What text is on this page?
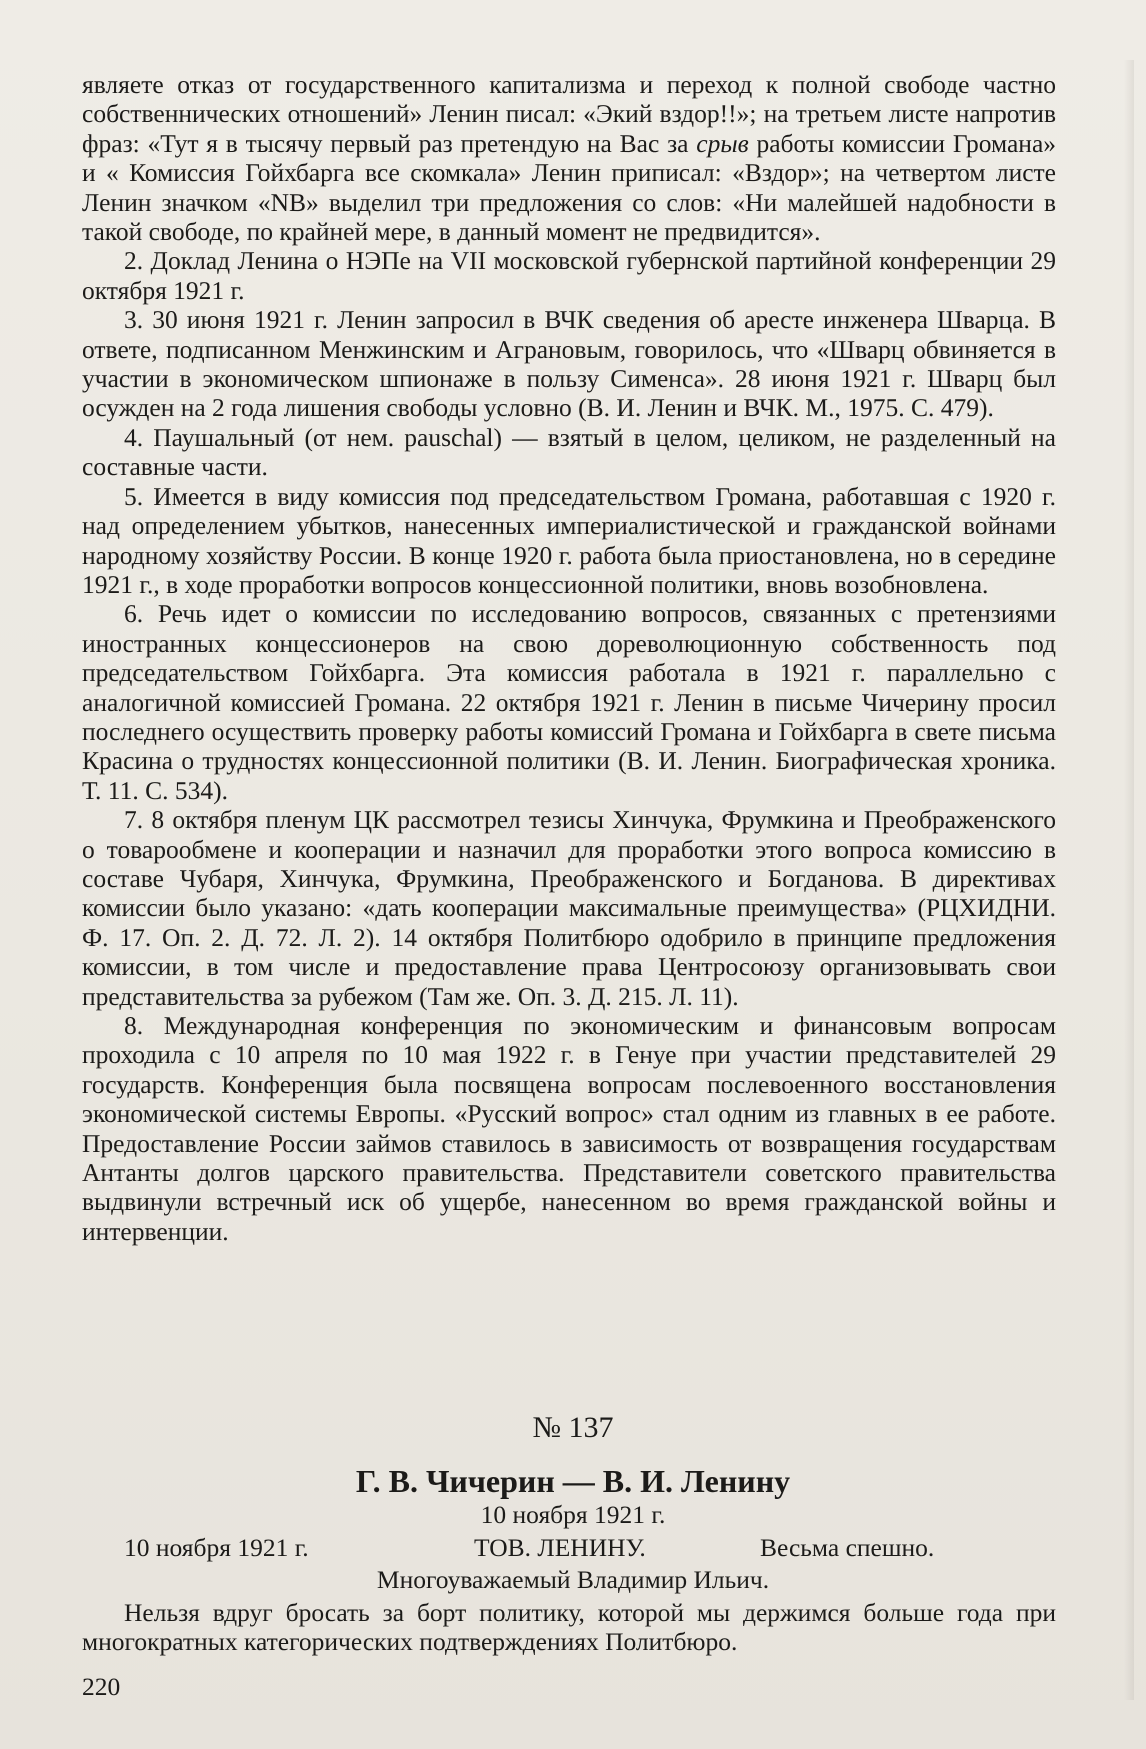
являете отказ от государственного капитализма и переход к полной свободе частно собственнических отношений» Ленин писал: «Экий вздор!!»; на третьем листе напротив фраз: «Тут я в тысячу первый раз претендую на Вас за срыв работы комиссии Громана» и « Комиссия Гойхбарга все скомкала» Ленин приписал: «Вздор»; на четвертом листе Ленин значком «NB» выделил три предложения со слов: «Ни малейшей надобности в такой свободе, по крайней мере, в данный момент не предвидится».

2. Доклад Ленина о НЭПе на VII московской губернской партийной конференции 29 октября 1921 г.

3. 30 июня 1921 г. Ленин запросил в ВЧК сведения об аресте инженера Шварца. В ответе, подписанном Менжинским и Аграновым, говорилось, что «Шварц обвиняется в участии в экономическом шпионаже в пользу Сименса». 28 июня 1921 г. Шварц был осужден на 2 года лишения свободы условно (В. И. Ленин и ВЧК. М., 1975. С. 479).

4. Паушальный (от нем. pauschal) — взятый в целом, целиком, не разделенный на составные части.

5. Имеется в виду комиссия под председательством Громана, работавшая с 1920 г. над определением убытков, нанесенных империалистической и гражданской войнами народному хозяйству России. В конце 1920 г. работа была приостановлена, но в середине 1921 г., в ходе проработки вопросов концессионной политики, вновь возобновлена.

6. Речь идет о комиссии по исследованию вопросов, связанных с претензиями иностранных концессионеров на свою дореволюционную собственность под председательством Гойхбарга. Эта комиссия работала в 1921 г. параллельно с аналогичной комиссией Громана. 22 октября 1921 г. Ленин в письме Чичерину просил последнего осуществить проверку работы комиссий Громана и Гойхбарга в свете письма Красина о трудностях концессионной политики (В. И. Ленин. Биографическая хроника. Т. 11. С. 534).

7. 8 октября пленум ЦК рассмотрел тезисы Хинчука, Фрумкина и Преображенского о товарообмене и кооперации и назначил для проработки этого вопроса комиссию в составе Чубаря, Хинчука, Фрумкина, Преображенского и Богданова. В директивах комиссии было указано: «дать кооперации максимальные преимущества» (РЦХИДНИ. Ф. 17. Оп. 2. Д. 72. Л. 2). 14 октября Политбюро одобрило в принципе предложения комиссии, в том числе и предоставление права Центросоюзу организовывать свои представительства за рубежом (Там же. Оп. 3. Д. 215. Л. 11).

8. Международная конференция по экономическим и финансовым вопросам проходила с 10 апреля по 10 мая 1922 г. в Генуе при участии представителей 29 государств. Конференция была посвящена вопросам послевоенного восстановления экономической системы Европы. «Русский вопрос» стал одним из главных в ее работе. Предоставление России займов ставилось в зависимость от возвращения государствам Антанты долгов царского правительства. Представители советского правительства выдвинули встречный иск об ущербе, нанесенном во время гражданской войны и интервенции.

№ 137
Г. В. Чичерин — В. И. Ленину
10 ноября 1921 г.
10 ноября 1921 г.	ТОВ. ЛЕНИНУ.	Весьма спешно.
Многоуважаемый Владимир Ильич.
Нельзя вдруг бросать за борт политику, которой мы держимся больше года при многократных категорических подтверждениях Политбюро.
220
